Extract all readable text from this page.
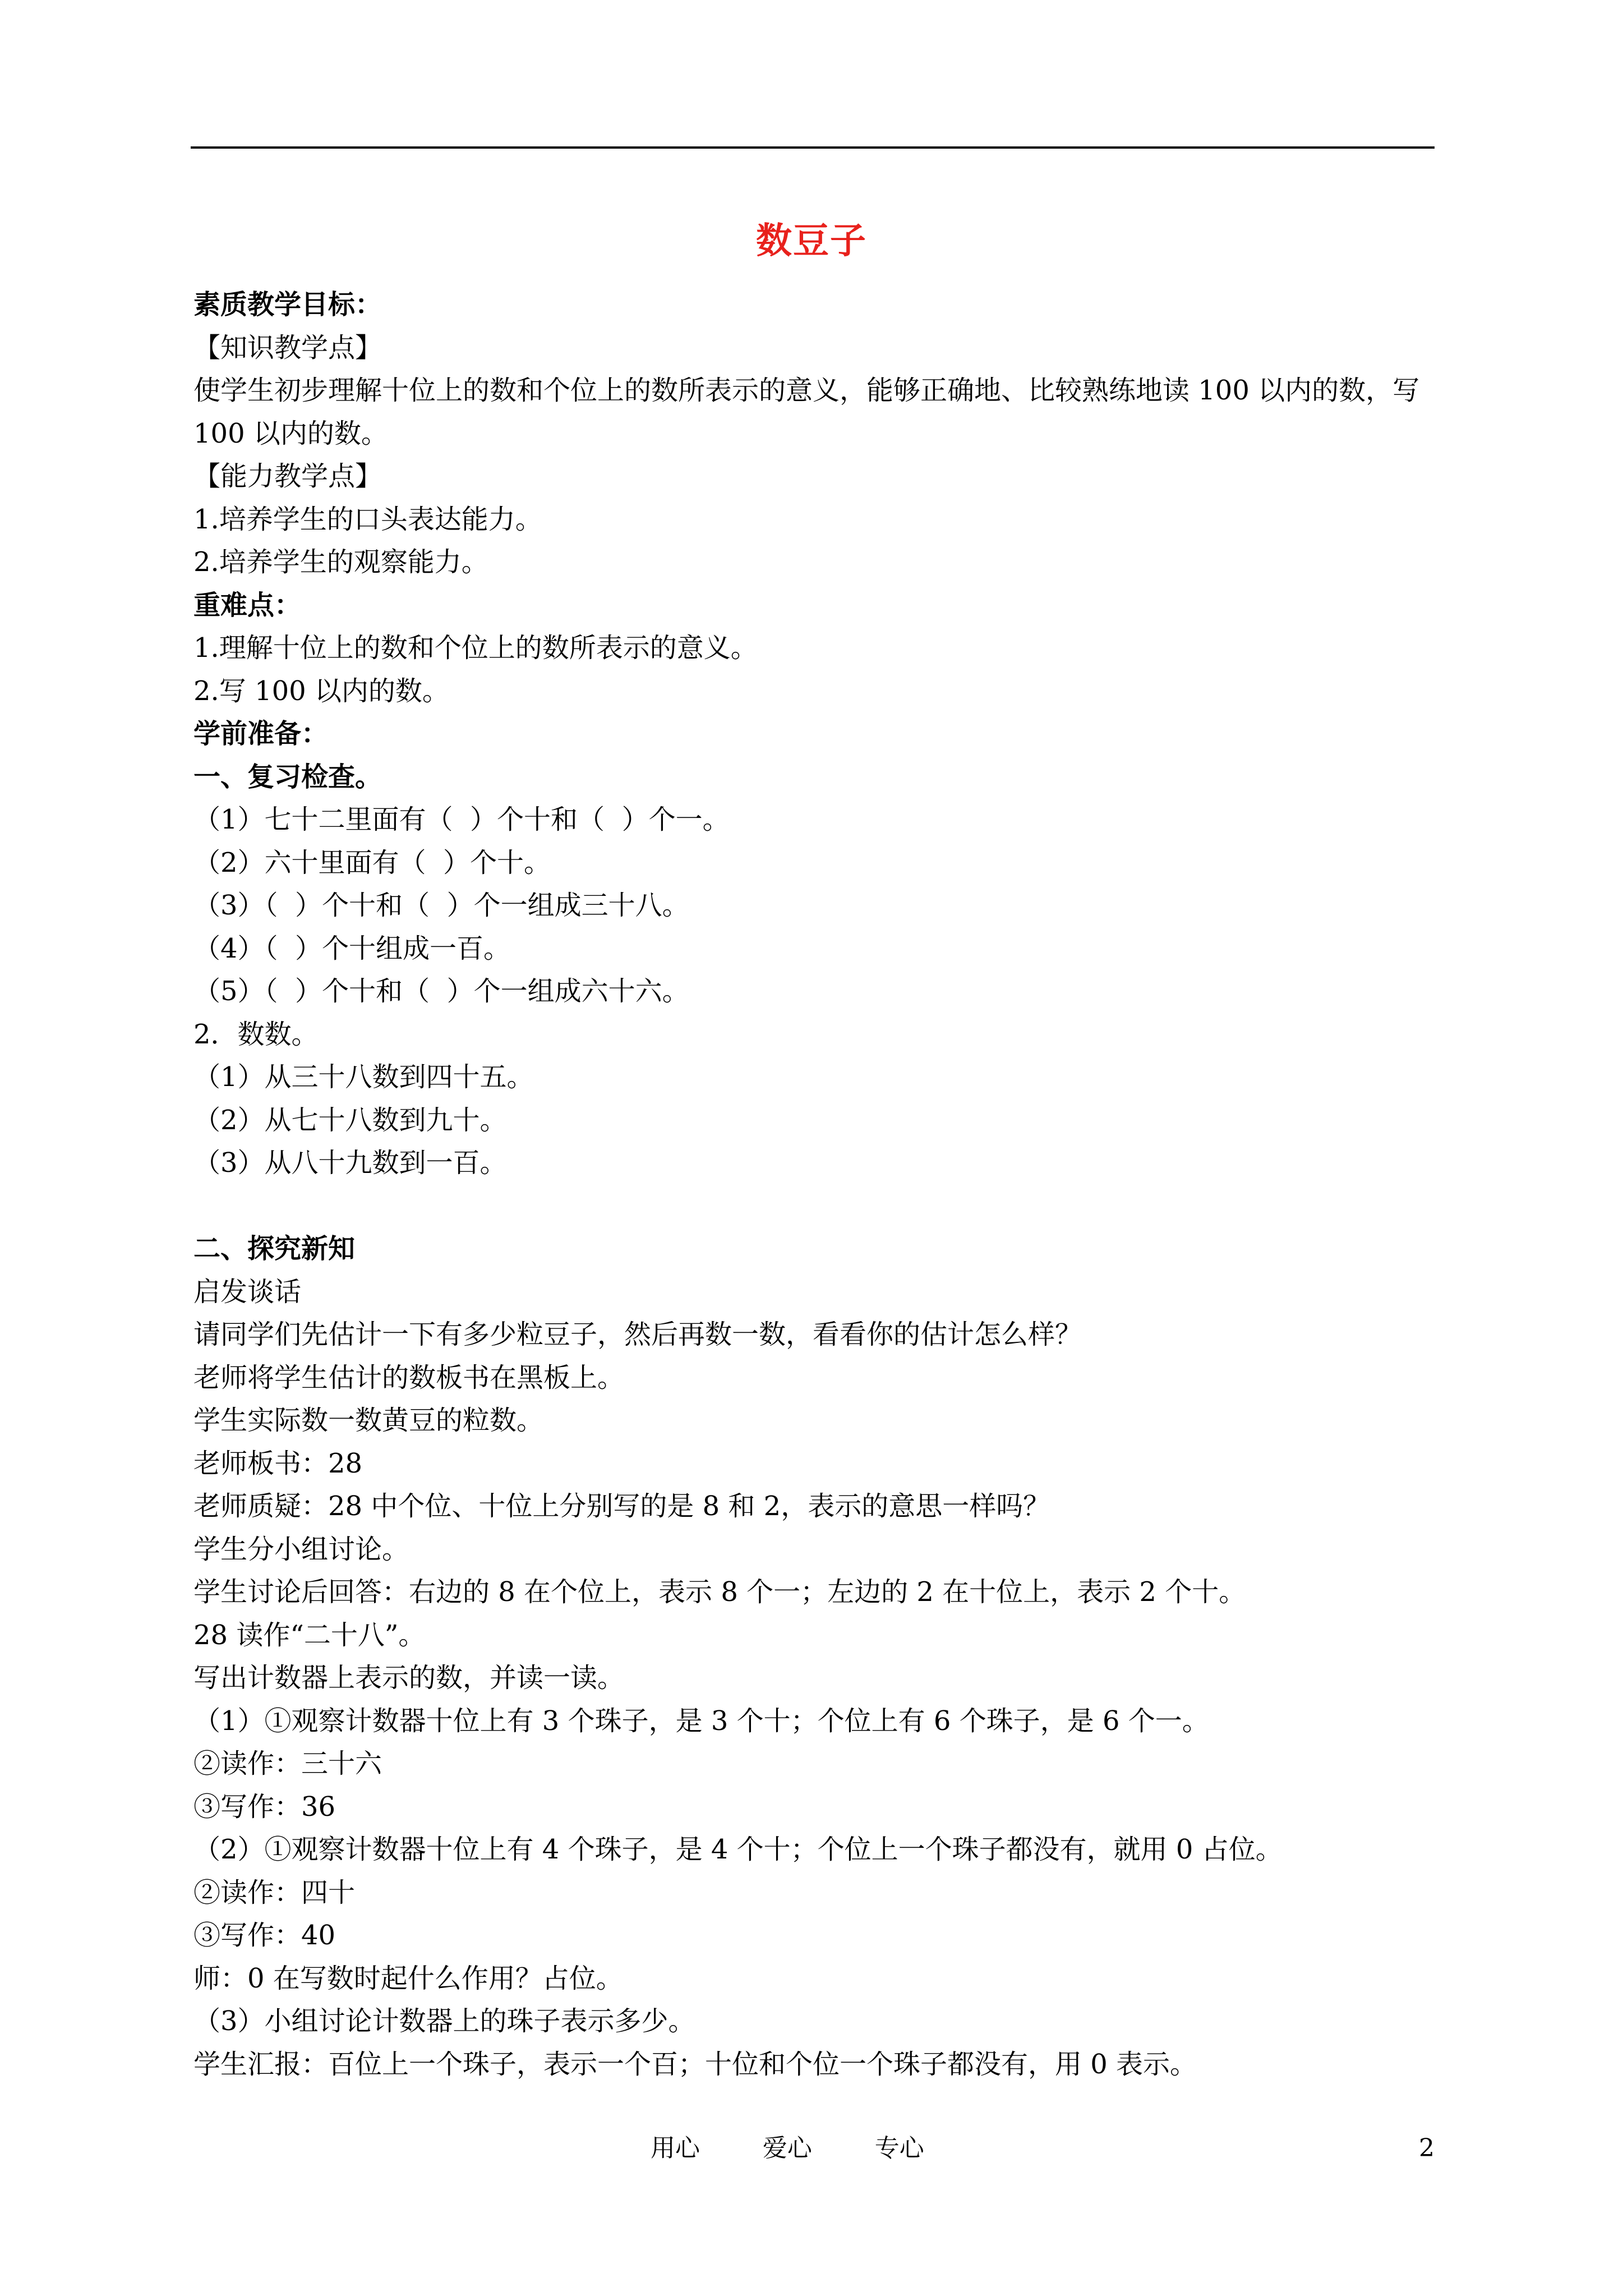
数豆子
素质教学目标：
【知识教学点】
使学生初步理解十位上的数和个位上的数所表示的意义，能够正确地、比较熟练地读 100 以内的数，写 100 以内的数。
【能力教学点】
1.培养学生的口头表达能力。
2.培养学生的观察能力。
重难点：
1.理解十位上的数和个位上的数所表示的意义。
2.写 100 以内的数。
学前准备：
一、复习检查。
（1）七十二里面有（  ）个十和（  ）个一。
（2）六十里面有（  ）个十。
（3）（  ）个十和（  ）个一组成三十八。
（4）（  ）个十组成一百。
（5）（  ）个十和（  ）个一组成六十六。
2．数数。
（1）从三十八数到四十五。
（2）从七十八数到九十。
（3）从八十九数到一百。
二、探究新知
启发谈话
请同学们先估计一下有多少粒豆子，然后再数一数，看看你的估计怎么样？
老师将学生估计的数板书在黑板上。
学生实际数一数黄豆的粒数。
老师板书：28
老师质疑：28 中个位、十位上分别写的是 8 和 2，表示的意思一样吗？
学生分小组讨论。
学生讨论后回答：右边的 8 在个位上，表示 8 个一；左边的 2 在十位上，表示 2 个十。
28 读作“二十八”。
写出计数器上表示的数，并读一读。
（1）①观察计数器十位上有 3 个珠子，是 3 个十；个位上有 6 个珠子，是 6 个一。
②读作：三十六
③写作：36
（2）①观察计数器十位上有 4 个珠子，是 4 个十；个位上一个珠子都没有，就用 0 占位。
②读作：四十
③写作：40
师：0 在写数时起什么作用？占位。
（3）小组讨论计数器上的珠子表示多少。
学生汇报：百位上一个珠子，表示一个百；十位和个位一个珠子都没有，用 0 表示。
用心        爱心        专心	2
